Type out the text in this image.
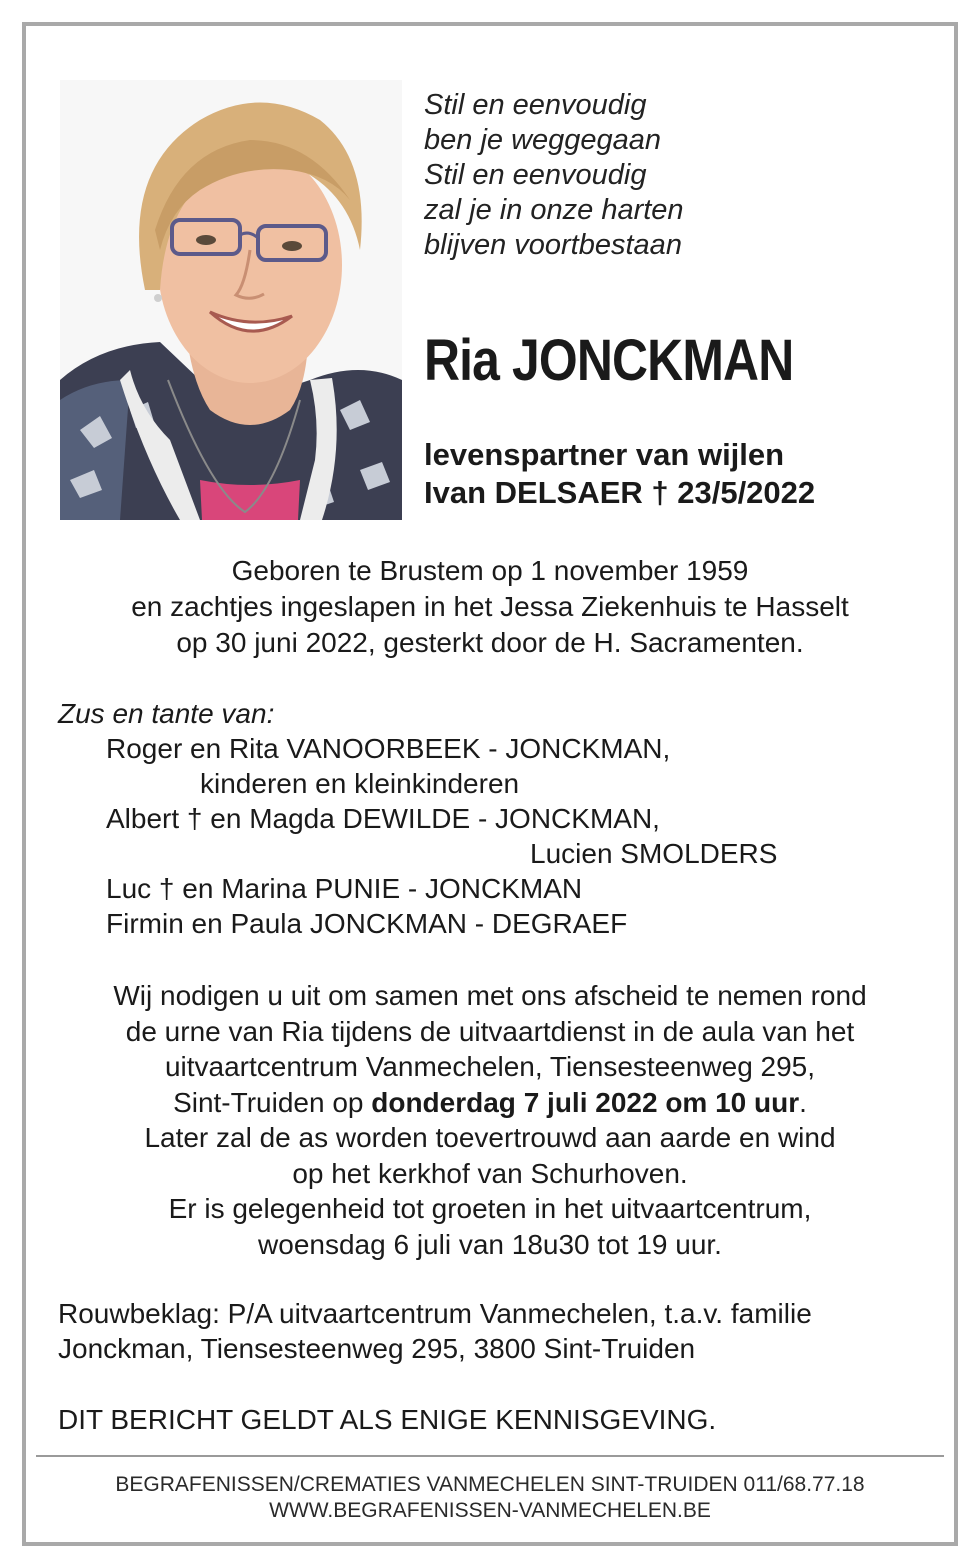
Stil en eenvoudig
ben je weggegaan
Stil en eenvoudig
zal je in onze harten
blijven voortbestaan
Ria JONCKMAN
levenspartner van wijlen
Ivan DELSAER † 23/5/2022
Geboren te Brustem op 1 november 1959
en zachtjes ingeslapen in het Jessa Ziekenhuis te Hasselt
op 30 juni 2022, gesterkt door de H. Sacramenten.
Zus en tante van:
Roger en Rita VANOORBEEK - JONCKMAN,
kinderen en kleinkinderen
Albert † en Magda DEWILDE - JONCKMAN,
Lucien SMOLDERS
Luc † en Marina PUNIE - JONCKMAN
Firmin en Paula JONCKMAN - DEGRAEF
Wij nodigen u uit om samen met ons afscheid te nemen rond
de urne van Ria tijdens de uitvaartdienst in de aula van het
uitvaartcentrum Vanmechelen, Tiensesteenweg 295,
Sint-Truiden op donderdag 7 juli 2022 om 10 uur.
Later zal de as worden toevertrouwd aan aarde en wind
op het kerkhof van Schurhoven.
Er is gelegenheid tot groeten in het uitvaartcentrum,
woensdag 6 juli van 18u30 tot 19 uur.
Rouwbeklag: P/A uitvaartcentrum Vanmechelen, t.a.v. familie
Jonckman, Tiensesteenweg 295, 3800 Sint-Truiden
DIT BERICHT GELDT ALS ENIGE KENNISGEVING.
BEGRAFENISSEN/CREMATIES VANMECHELEN SINT-TRUIDEN 011/68.77.18
WWW.BEGRAFENISSEN-VANMECHELEN.BE
